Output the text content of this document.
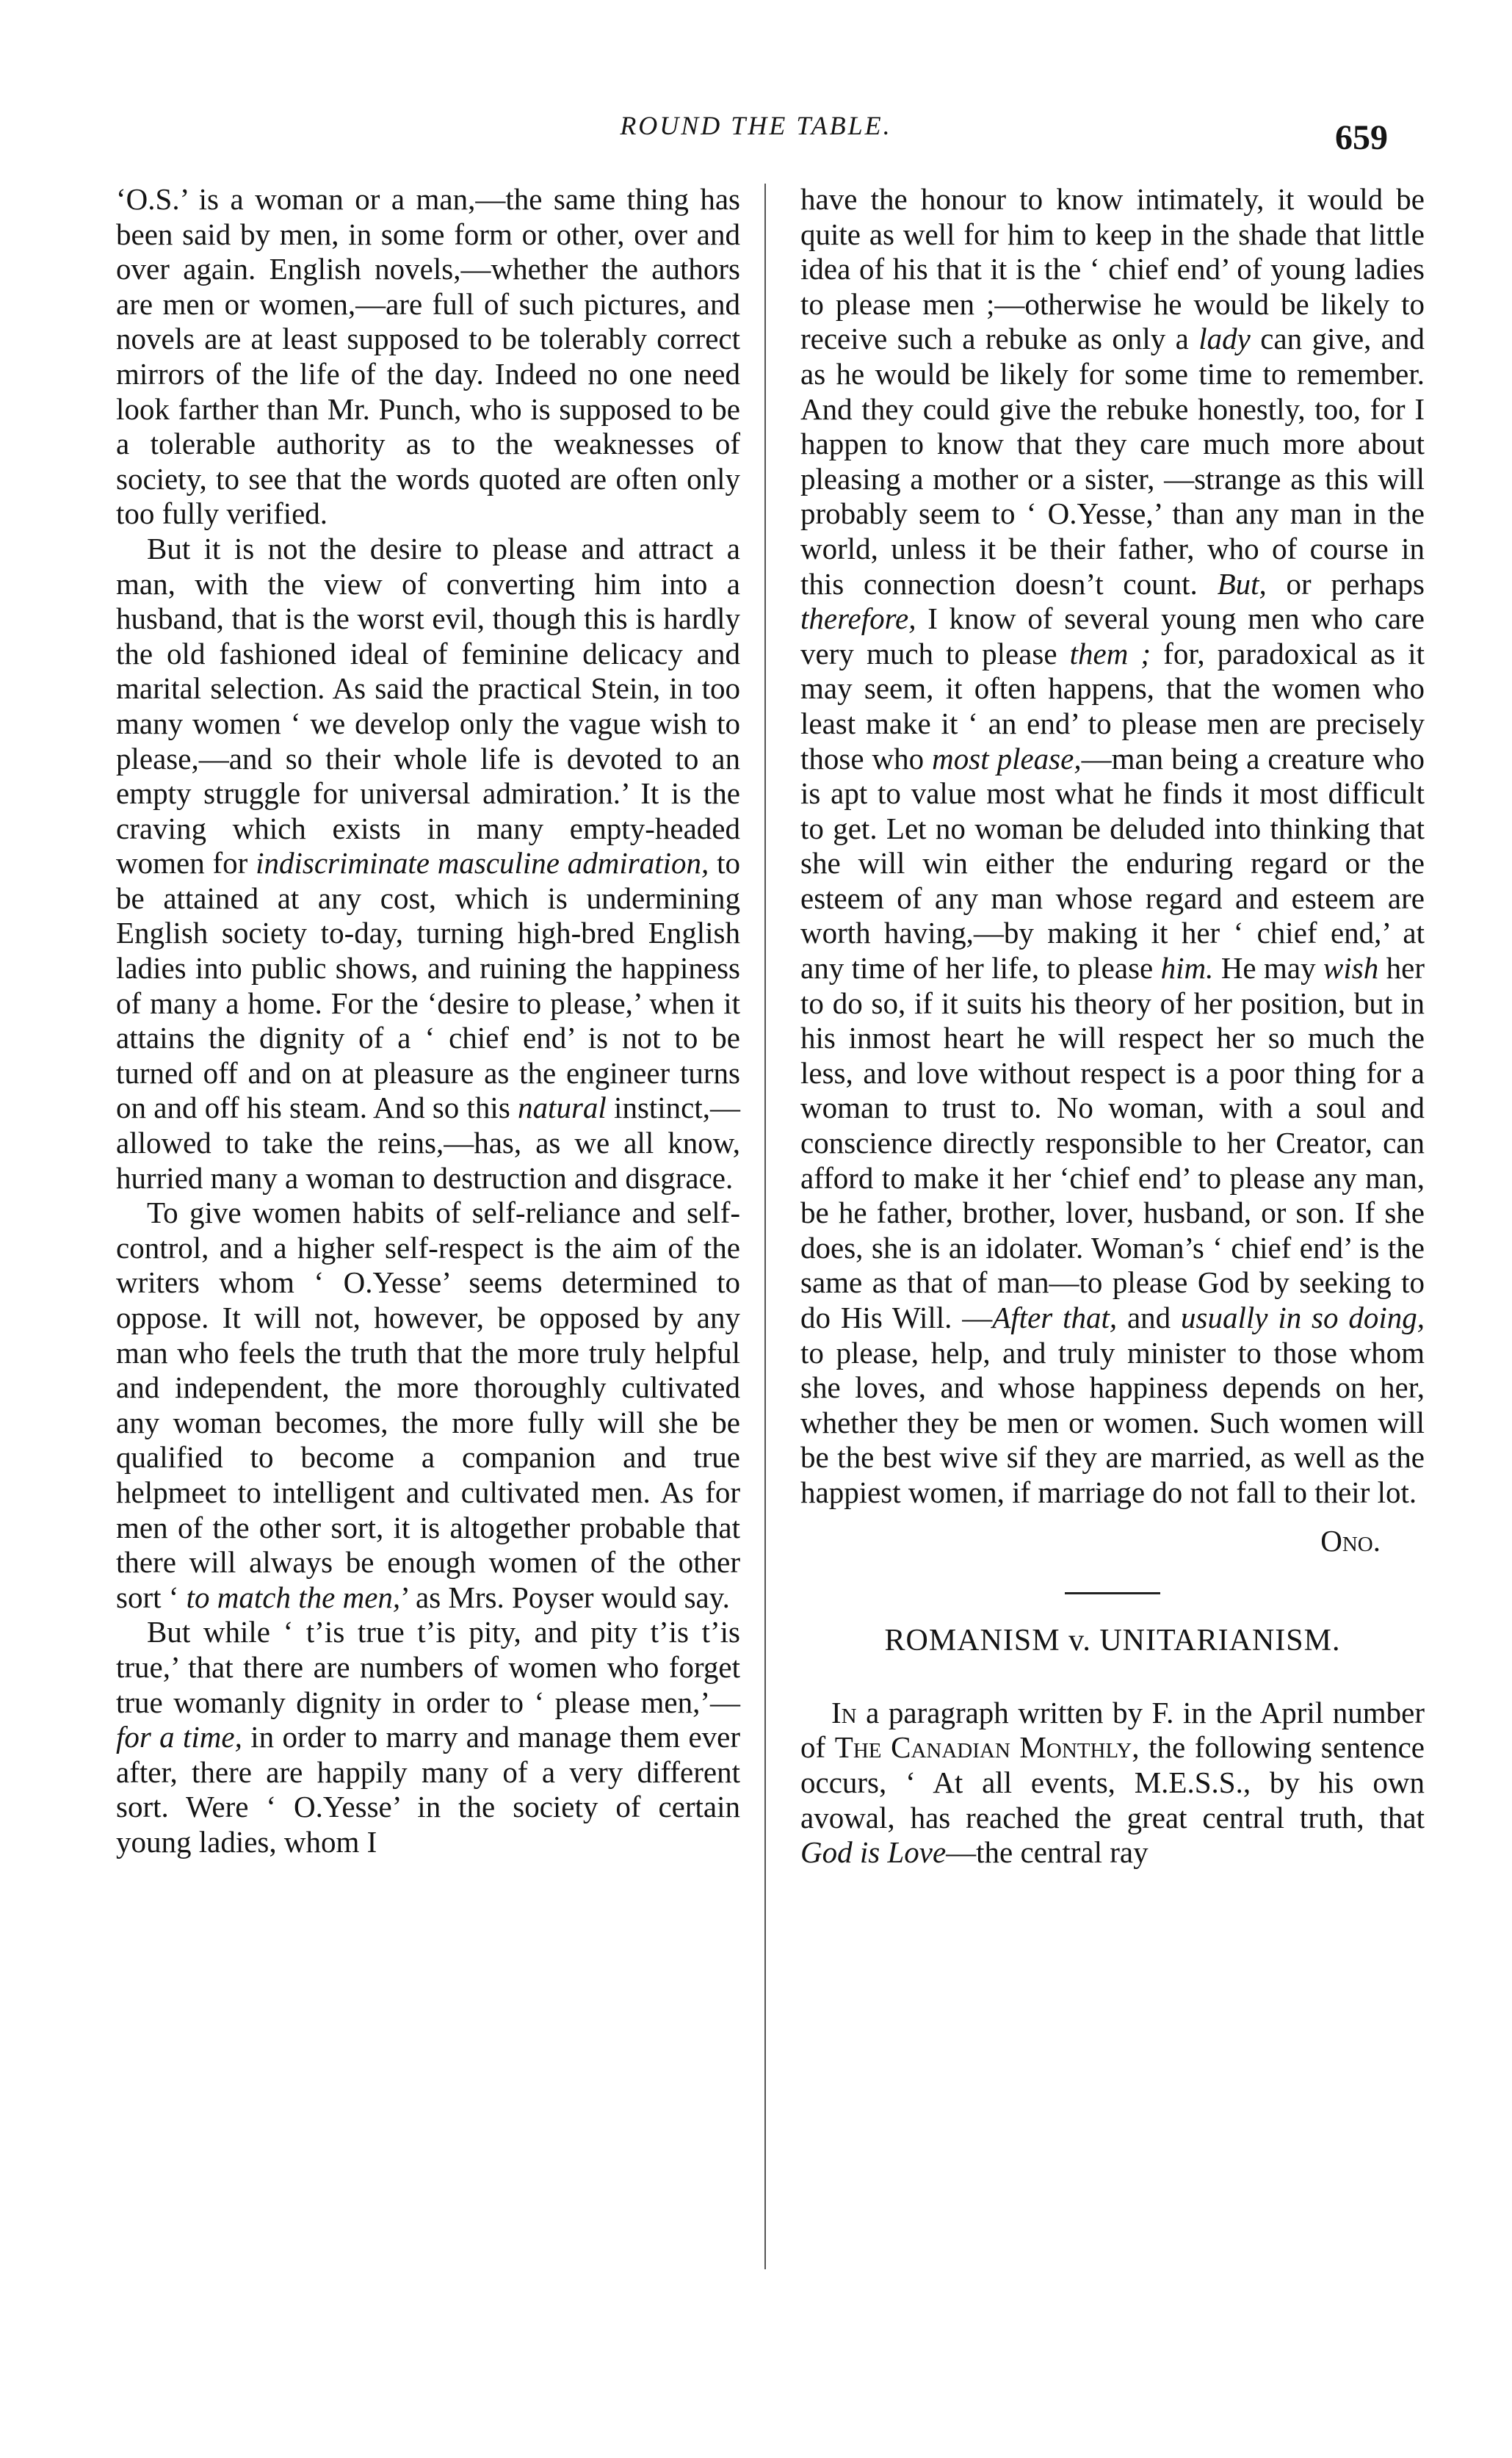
ROUND THE TABLE.	659

‘O.S.’ is a woman or a man,—the same thing has been said by men, in some form or other, over and over again. English novels,—whether the authors are men or women,—are full of such pictures, and novels are at least supposed to be tolerably correct mirrors of the life of the day. Indeed no one need look farther than Mr. Punch, who is supposed to be a tolerable authority as to the weaknesses of society, to see that the words quoted are often only too fully verified.

But it is not the desire to please and attract a man, with the view of converting him into a husband, that is the worst evil, though this is hardly the old fashioned ideal of feminine delicacy and marital selection. As said the practical Stein, in too many women ‘ we develop only the vague wish to please,—and so their whole life is devoted to an empty struggle for universal admiration.’ It is the craving which exists in many empty-headed women for indiscriminate masculine admiration, to be attained at any cost, which is undermining English society to-day, turning high-bred English ladies into public shows, and ruining the happiness of many a home. For the ‘desire to please,’ when it attains the dignity of a ‘ chief end’ is not to be turned off and on at pleasure as the engineer turns on and off his steam. And so this natural instinct,—allowed to take the reins,—has, as we all know, hurried many a woman to destruction and disgrace.

To give women habits of self-reliance and self-control, and a higher self-respect is the aim of the writers whom ‘ O.Yesse’ seems determined to oppose. It will not, however, be opposed by any man who feels the truth that the more truly helpful and independent, the more thoroughly cultivated any woman becomes, the more fully will she be qualified to become a companion and true helpmeet to intelligent and cultivated men. As for men of the other sort, it is altogether probable that there will always be enough women of the other sort ‘ to match the men,’ as Mrs. Poyser would say.

But while ‘ t’is true t’is pity, and pity t’is t’is true,’ that there are numbers of women who forget true womanly dignity in order to ‘ please men,’—for a time, in order to marry and manage them ever after, there are happily many of a very different sort. Were ‘ O.Yesse’ in the society of certain young ladies, whom I

have the honour to know intimately, it would be quite as well for him to keep in the shade that little idea of his that it is the ‘ chief end’ of young ladies to please men ;—otherwise he would be likely to receive such a rebuke as only a lady can give, and as he would be likely for some time to remember. And they could give the rebuke honestly, too, for I happen to know that they care much more about pleasing a mother or a sister, —strange as this will probably seem to ‘ O.Yesse,’ than any man in the world, unless it be their father, who of course in this connection doesn’t count. But, or perhaps therefore, I know of several young men who care very much to please them ; for, paradoxical as it may seem, it often happens, that the women who least make it ‘ an end’ to please men are precisely those who most please,—man being a creature who is apt to value most what he finds it most difficult to get. Let no woman be deluded into thinking that she will win either the enduring regard or the esteem of any man whose regard and esteem are worth having,—by making it her ‘ chief end,’ at any time of her life, to please him. He may wish her to do so, if it suits his theory of her position, but in his inmost heart he will respect her so much the less, and love without respect is a poor thing for a woman to trust to. No woman, with a soul and conscience directly responsible to her Creator, can afford to make it her ‘chief end’ to please any man, be he father, brother, lover, husband, or son. If she does, she is an idolater. Woman’s ‘ chief end’ is the same as that of man—to please God by seeking to do His Will. —After that, and usually in so doing, to please, help, and truly minister to those whom she loves, and whose happiness depends on her, whether they be men or women. Such women will be the best wive sif they are married, as well as the happiest women, if marriage do not fall to their lot.

Ono.

ROMANISM v. UNITARIANISM.

In a paragraph written by F. in the April number of The Canadian Monthly, the following sentence occurs, ‘ At all events, M.E.S.S., by his own avowal, has reached the great central truth, that God is Love—the central ray
